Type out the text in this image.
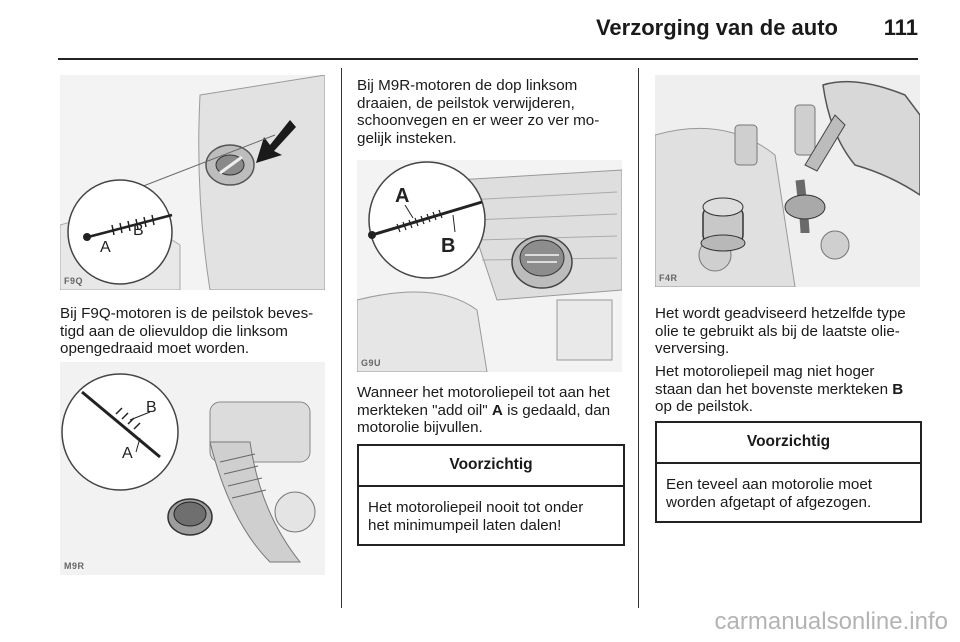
Verzorging van de auto 111
A
B
F9Q
Bij F9Q-motoren is de peilstok beves-
tigd aan de olievuldop die linksom
opengedraaid moet worden.
B
A
M9R
Bij M9R-motoren de dop linksom
draaien, de peilstok verwijderen,
schoonvegen en er weer zo ver mo-
gelijk insteken.
A
B
G9U
Wanneer het motoroliepeil tot aan het
merkteken "add oil" A is gedaald, dan
motorolie bijvullen.
Voorzichtig
Het motoroliepeil nooit tot onder
het minimumpeil laten dalen!
F4R
Het wordt geadviseerd hetzelfde type
olie te gebruikt als bij de laatste olie-
verversing.
Het motoroliepeil mag niet hoger
staan dan het bovenste merkteken B
op de peilstok.
Voorzichtig
Een teveel aan motorolie moet
worden afgetapt of afgezogen.
carmanualsonline.info
